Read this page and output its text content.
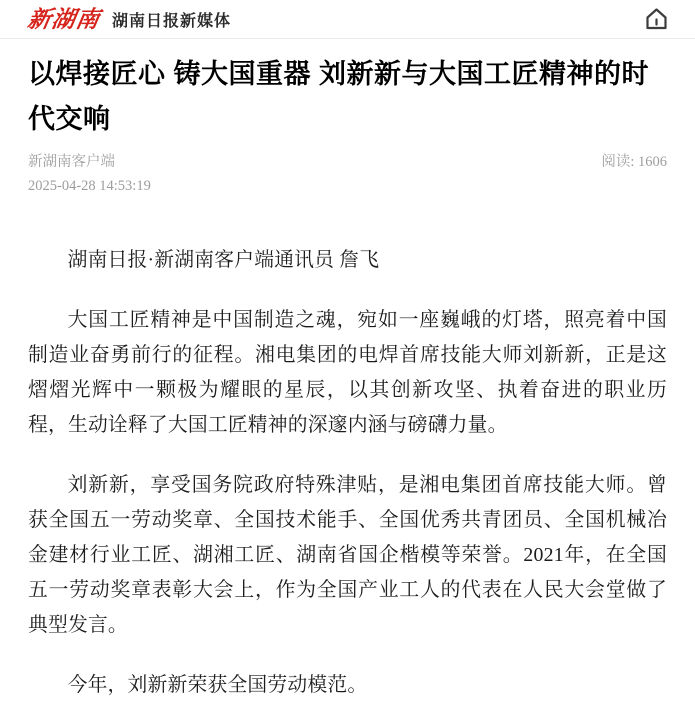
新湖南 湖南日报新媒体
以焊接匠心 铸大国重器 刘新新与大国工匠精神的时代交响
新湖南客户端
2025-04-28 14:53:19
阅读: 1606

湖南日报·新湖南客户端通讯员 詹飞

大国工匠精神是中国制造之魂，宛如一座巍峨的灯塔，照亮着中国制造业奋勇前行的征程。湘电集团的电焊首席技能大师刘新新，正是这熠熠光辉中一颗极为耀眼的星辰，以其创新攻坚、执着奋进的职业历程，生动诠释了大国工匠精神的深邃内涵与磅礴力量。

刘新新，享受国务院政府特殊津贴，是湘电集团首席技能大师。曾获全国五一劳动奖章、全国技术能手、全国优秀共青团员、全国机械冶金建材行业工匠、湖湘工匠、湖南省国企楷模等荣誉。2021年，在全国五一劳动奖章表彰大会上，作为全国产业工人的代表在人民大会堂做了典型发言。

今年，刘新新荣获全国劳动模范。
